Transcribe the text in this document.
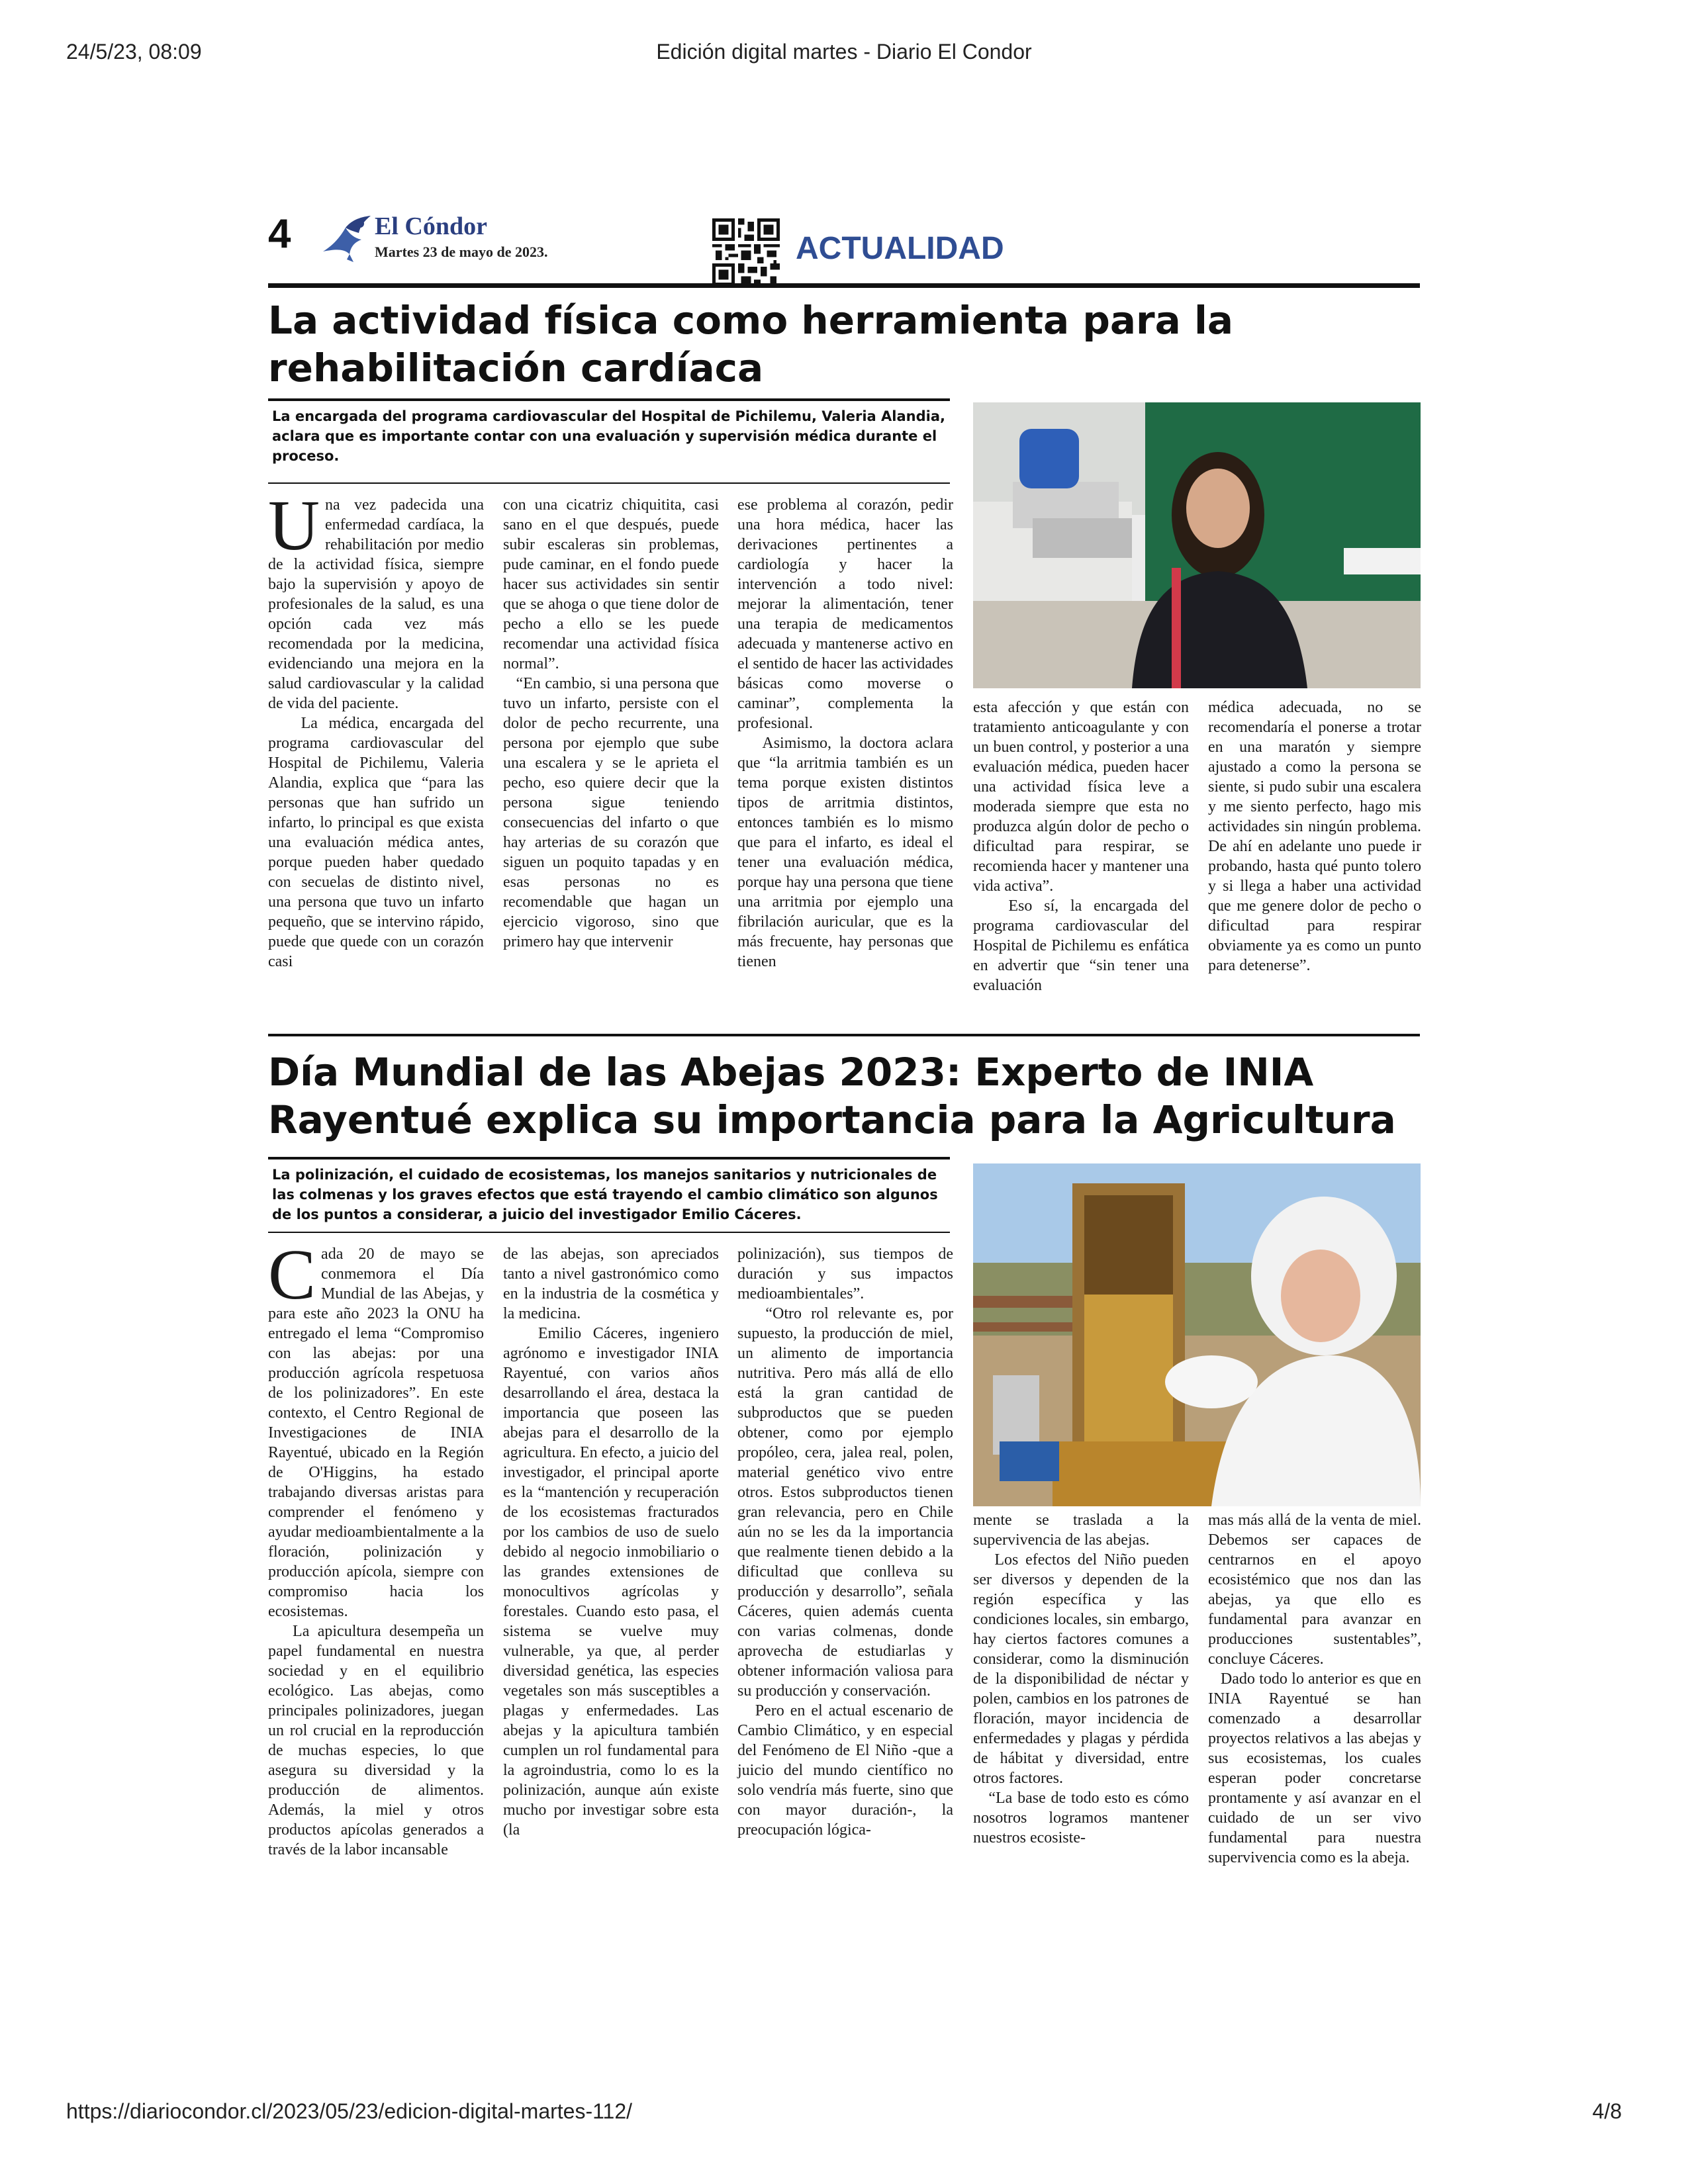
24/5/23, 08:09	Edición digital martes - Diario El Condor
4	El Cóndor
Martes 23 de mayo de 2023.	ACTUALIDAD
La actividad física como herramienta para la rehabilitación cardíaca

La encargada del programa cardiovascular del Hospital de Pichilemu, Valeria Alandia, aclara que es importante contar con una evaluación y supervisión médica durante el proceso.

Una vez padecida una enfermedad cardíaca, la rehabilitación por medio de la actividad física, siempre bajo la supervisión y apoyo de profesionales de la salud, es una opción cada vez más recomendada por la medicina, evidenciando una mejora en la salud cardiovascular y la calidad de vida del paciente.
La médica, encargada del programa cardiovascular del Hospital de Pichilemu, Valeria Alandia, explica que “para las personas que han sufrido un infarto, lo principal es que exista una evaluación médica antes, porque pueden haber quedado con secuelas de distinto nivel, una persona que tuvo un infarto pequeño, que se intervino rápido, puede que quede con un corazón casi
con una cicatriz chiquitita, casi sano en el que después, puede subir escaleras sin problemas, pude caminar, en el fondo puede hacer sus actividades sin sentir que se ahoga o que tiene dolor de pecho a ello se les puede recomendar una actividad física normal”.
“En cambio, si una persona que tuvo un infarto, persiste con el dolor de pecho recurrente, una persona por ejemplo que sube una escalera y se le aprieta el pecho, eso quiere decir que la persona sigue teniendo consecuencias del infarto o que hay arterias de su corazón que siguen un poquito tapadas y en esas personas no es recomendable que hagan un ejercicio vigoroso, sino que primero hay que intervenir
ese problema al corazón, pedir una hora médica, hacer las derivaciones pertinentes a cardiología y hacer la intervención a todo nivel: mejorar la alimentación, tener una terapia de medicamentos adecuada y mantenerse activo en el sentido de hacer las actividades básicas como moverse o caminar”, complementa la profesional.
Asimismo, la doctora aclara que “la arritmia también es un tema porque existen distintos tipos de arritmia distintos, entonces también es lo mismo que para el infarto, es ideal el tener una evaluación médica, porque hay una persona que tiene una arritmia por ejemplo una fibrilación auricular, que es la más frecuente, hay personas que tienen
esta afección y que están con tratamiento anticoagulante y con un buen control, y posterior a una evaluación médica, pueden hacer una actividad física leve a moderada siempre que esta no produzca algún dolor de pecho o dificultad para respirar, se recomienda hacer y mantener una vida activa”.
Eso sí, la encargada del programa cardiovascular del Hospital de Pichilemu es enfática en advertir que “sin tener una evaluación
médica adecuada, no se recomendaría el ponerse a trotar en una maratón y siempre ajustado a como la persona se siente, si pudo subir una escalera y me siento perfecto, hago mis actividades sin ningún problema. De ahí en adelante uno puede ir probando, hasta qué punto tolero y si llega a haber una actividad que me genere dolor de pecho o dificultad para respirar obviamente ya es como un punto para detenerse”.
Día Mundial de las Abejas 2023: Experto de INIA Rayentué explica su importancia para la Agricultura

La polinización, el cuidado de ecosistemas, los manejos sanitarios y nutricionales de las colmenas y los graves efectos que está trayendo el cambio climático son algunos de los puntos a considerar, a juicio del investigador Emilio Cáceres.

Cada 20 de mayo se conmemora el Día Mundial de las Abejas, y para este año 2023 la ONU ha entregado el lema “Compromiso con las abejas: por una producción agrícola respetuosa de los polinizadores”. En este contexto, el Centro Regional de Investigaciones de INIA Rayentué, ubicado en la Región de O'Higgins, ha estado trabajando diversas aristas para comprender el fenómeno y ayudar medioambientalmente a la floración, polinización y producción apícola, siempre con compromiso hacia los ecosistemas.
La apicultura desempeña un papel fundamental en nuestra sociedad y en el equilibrio ecológico. Las abejas, como principales polinizadores, juegan un rol crucial en la reproducción de muchas especies, lo que asegura su diversidad y la producción de alimentos. Además, la miel y otros productos apícolas generados a través de la labor incansable
de las abejas, son apreciados tanto a nivel gastronómico como en la industria de la cosmética y la medicina.
Emilio Cáceres, ingeniero agrónomo e investigador INIA Rayentué, con varios años desarrollando el área, destaca la importancia que poseen las abejas para el desarrollo de la agricultura. En efecto, a juicio del investigador, el principal aporte es la “mantención y recuperación de los ecosistemas fracturados por los cambios de uso de suelo debido al negocio inmobiliario o las grandes extensiones de monocultivos agrícolas y forestales. Cuando esto pasa, el sistema se vuelve muy vulnerable, ya que, al perder diversidad genética, las especies vegetales son más susceptibles a plagas y enfermedades. Las abejas y la apicultura también cumplen un rol fundamental para la agroindustria, como lo es la polinización, aunque aún existe mucho por investigar sobre esta (la
polinización), sus tiempos de duración y sus impactos medioambientales”.
“Otro rol relevante es, por supuesto, la producción de miel, un alimento de importancia nutritiva. Pero más allá de ello está la gran cantidad de subproductos que se pueden obtener, como por ejemplo propóleo, cera, jalea real, polen, material genético vivo entre otros. Estos subproductos tienen gran relevancia, pero en Chile aún no se les da la importancia que realmente tienen debido a la dificultad que conlleva su producción y desarrollo”, señala Cáceres, quien además cuenta con varias colmenas, donde aprovecha de estudiarlas y obtener información valiosa para su producción y conservación.
Pero en el actual escenario de Cambio Climático, y en especial del Fenómeno de El Niño -que a juicio del mundo científico no solo vendría más fuerte, sino que con mayor duración-, la preocupación lógica-
mente se traslada a la supervivencia de las abejas.
Los efectos del Niño pueden ser diversos y dependen de la región específica y las condiciones locales, sin embargo, hay ciertos factores comunes a considerar, como la disminución de la disponibilidad de néctar y polen, cambios en los patrones de floración, mayor incidencia de enfermedades y plagas y pérdida de hábitat y diversidad, entre otros factores.
“La base de todo esto es cómo nosotros logramos mantener nuestros ecosiste-
mas más allá de la venta de miel. Debemos ser capaces de centrarnos en el apoyo ecosistémico que nos dan las abejas, ya que ello es fundamental para avanzar en producciones sustentables”, concluye Cáceres.
Dado todo lo anterior es que en INIA Rayentué se han comenzado a desarrollar proyectos relativos a las abejas y sus ecosistemas, los cuales esperan poder concretarse prontamente y así avanzar en el cuidado de un ser vivo fundamental para nuestra supervivencia como es la abeja.
https://diariocondor.cl/2023/05/23/edicion-digital-martes-112/	4/8
